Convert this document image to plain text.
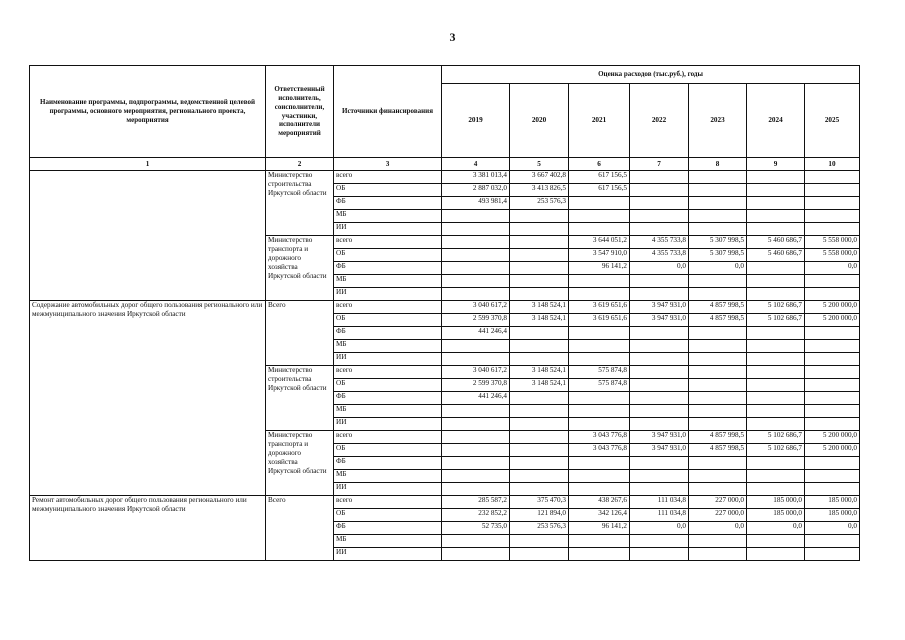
3
Наименование программы, подпрограммы, ведомственной целевой программы, основного мероприятия, регионального проекта, мероприятия	Ответственный исполнитель, соисполнители, участники, исполнители мероприятий	Источники финансирования	Оценка расходов (тыс.руб.), годы						
			2019	2020	2021	2022	2023	2024	2025
1	2	3	4	5	6	7	8	9	10
	Министерство строительства Иркутской области	всего	3 381 013,4	3 667 402,8	617 156,5				
		ОБ	2 887 032,0	3 413 826,5	617 156,5				
		ФБ	493 981,4	253 576,3					
		МБ							
		ИИ							
	Министерство транспорта и дорожного хозяйства Иркутской области	всего			3 644 051,2	4 355 733,8	5 307 998,5	5 460 686,7	5 558 000,0
		ОБ			3 547 910,0	4 355 733,8	5 307 998,5	5 460 686,7	5 558 000,0
		ФБ			96 141,2	0,0	0,0		0,0
		МБ							
		ИИ							
Содержание автомобильных дорог общего пользования регионального или межмуниципального значения Иркутской области	Всего	всего	3 040 617,2	3 148 524,1	3 619 651,6	3 947 931,0	4 857 998,5	5 102 686,7	5 200 000,0
		ОБ	2 599 370,8	3 148 524,1	3 619 651,6	3 947 931,0	4 857 998,5	5 102 686,7	5 200 000,0
		ФБ	441 246,4						
		МБ							
		ИИ							
	Министерство строительства Иркутской области	всего	3 040 617,2	3 148 524,1	575 874,8				
		ОБ	2 599 370,8	3 148 524,1	575 874,8				
		ФБ	441 246,4						
		МБ							
		ИИ							
	Министерство транспорта и дорожного хозяйства Иркутской области	всего			3 043 776,8	3 947 931,0	4 857 998,5	5 102 686,7	5 200 000,0
		ОБ			3 043 776,8	3 947 931,0	4 857 998,5	5 102 686,7	5 200 000,0
		ФБ							
		МБ							
		ИИ							
Ремонт автомобильных дорог общего пользования регионального или межмуниципального значения Иркутской области	Всего	всего	285 587,2	375 470,3	438 267,6	111 034,8	227 000,0	185 000,0	185 000,0
		ОБ	232 852,2	121 894,0	342 126,4	111 034,8	227 000,0	185 000,0	185 000,0
		ФБ	52 735,0	253 576,3	96 141,2	0,0	0,0	0,0	0,0
		МБ							
		ИИ							
